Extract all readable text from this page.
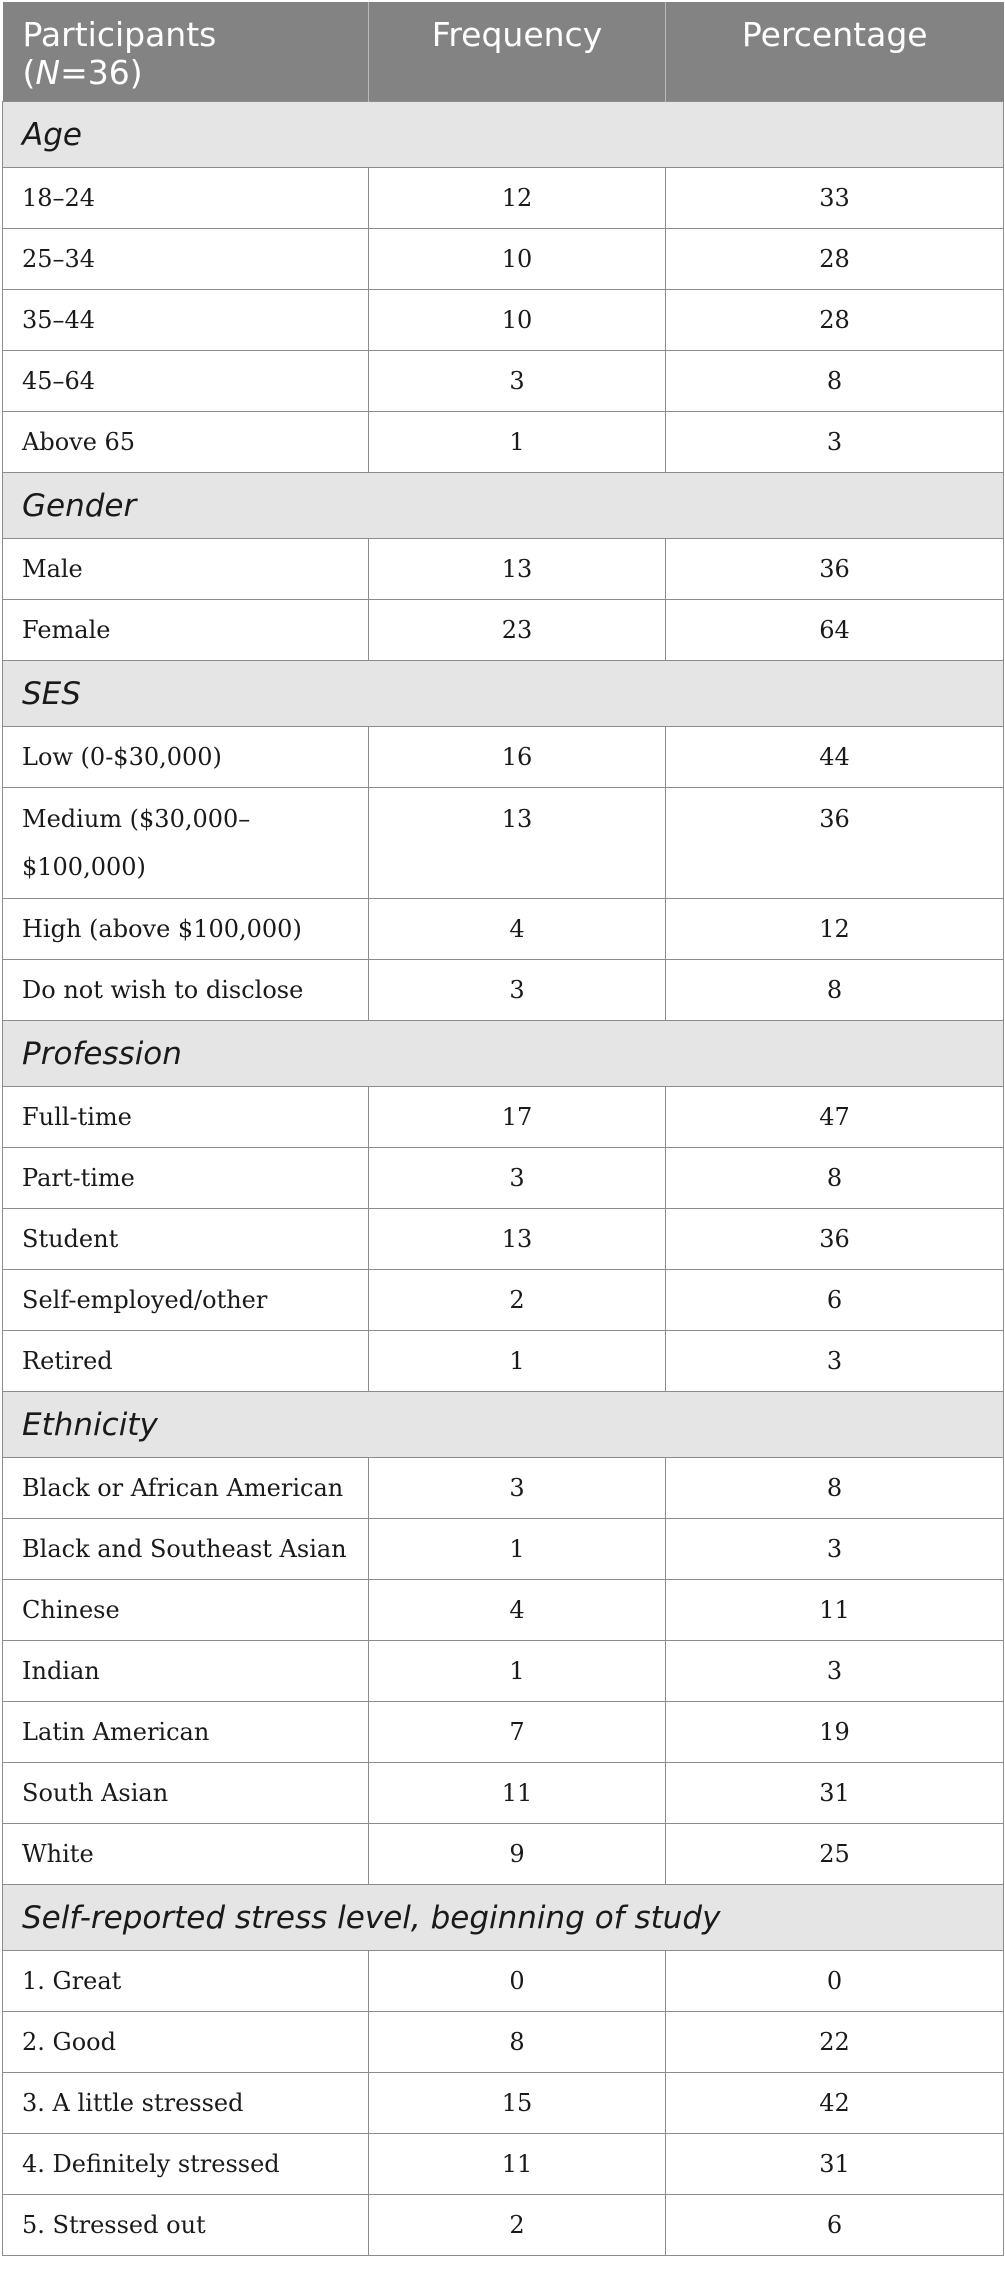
Participants
(N=36)	Frequency	Percentage
Age		
18–24	12	33
25–34	10	28
35–44	10	28
45–64	3	8
Above 65	1	3
Gender		
Male	13	36
Female	23	64
SES		
Low (0-$30,000)	16	44
Medium ($30,000–
$100,000)	13	36
High (above $100,000)	4	12
Do not wish to disclose	3	8
Profession		
Full-time	17	47
Part-time	3	8
Student	13	36
Self-employed/other	2	6
Retired	1	3
Ethnicity		
Black or African American	3	8
Black and Southeast Asian	1	3
Chinese	4	11
Indian	1	3
Latin American	7	19
South Asian	11	31
White	9	25
Self-reported stress level, beginning of study		
1. Great	0	0
2. Good	8	22
3. A little stressed	15	42
4. Definitely stressed	11	31
5. Stressed out	2	6
